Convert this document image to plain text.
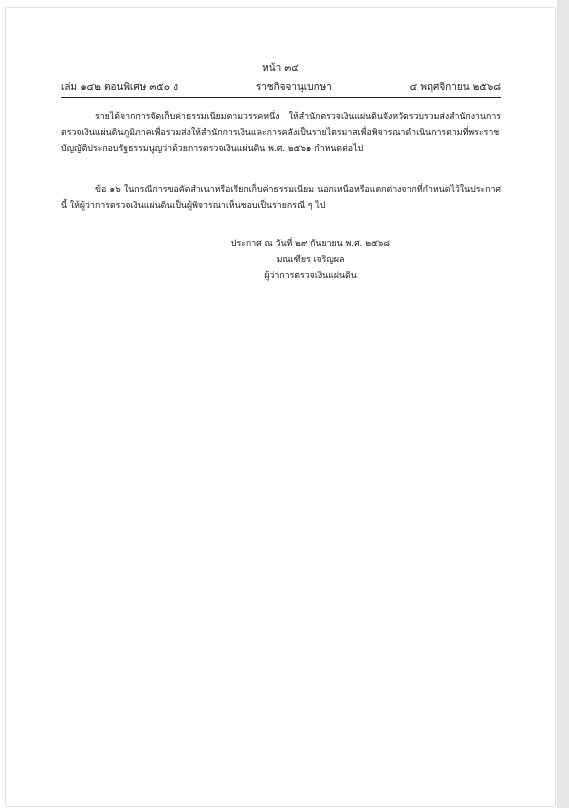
หน้า ๓๔
เล่ม ๑๔๒ ตอนพิเศษ ๓๕๐ ง	ราชกิจจานุเบกษา	๔ พฤศจิกายน ๒๕๖๘

รายได้จากการจัดเก็บค่าธรรมเนียมตามวรรคหนึ่ง ให้สำนักตรวจเงินแผ่นดินจังหวัดรวบรวมส่งสำนักงานการตรวจเงินแผ่นดินภูมิภาคเพื่อรวมส่งให้สำนักการเงินและการคลังเป็นรายไตรมาสเพื่อพิจารณาดำเนินการตามที่พระราชบัญญัติประกอบรัฐธรรมนูญว่าด้วยการตรวจเงินแผ่นดิน พ.ศ. ๒๕๖๑ กำหนดต่อไป

ข้อ ๑๖ ในกรณีการขอคัดสำเนาหรือเรียกเก็บค่าธรรมเนียม นอกเหนือหรือแตกต่างจากที่กำหนดไว้ในประกาศนี้ ให้ผู้ว่าการตรวจเงินแผ่นดินเป็นผู้พิจารณาเห็นชอบเป็นรายกรณี ๆ ไป

ประกาศ ณ วันที่ ๒๙ กันยายน พ.ศ. ๒๕๖๘
มณเฑียร เจริญผล
ผู้ว่าการตรวจเงินแผ่นดิน
